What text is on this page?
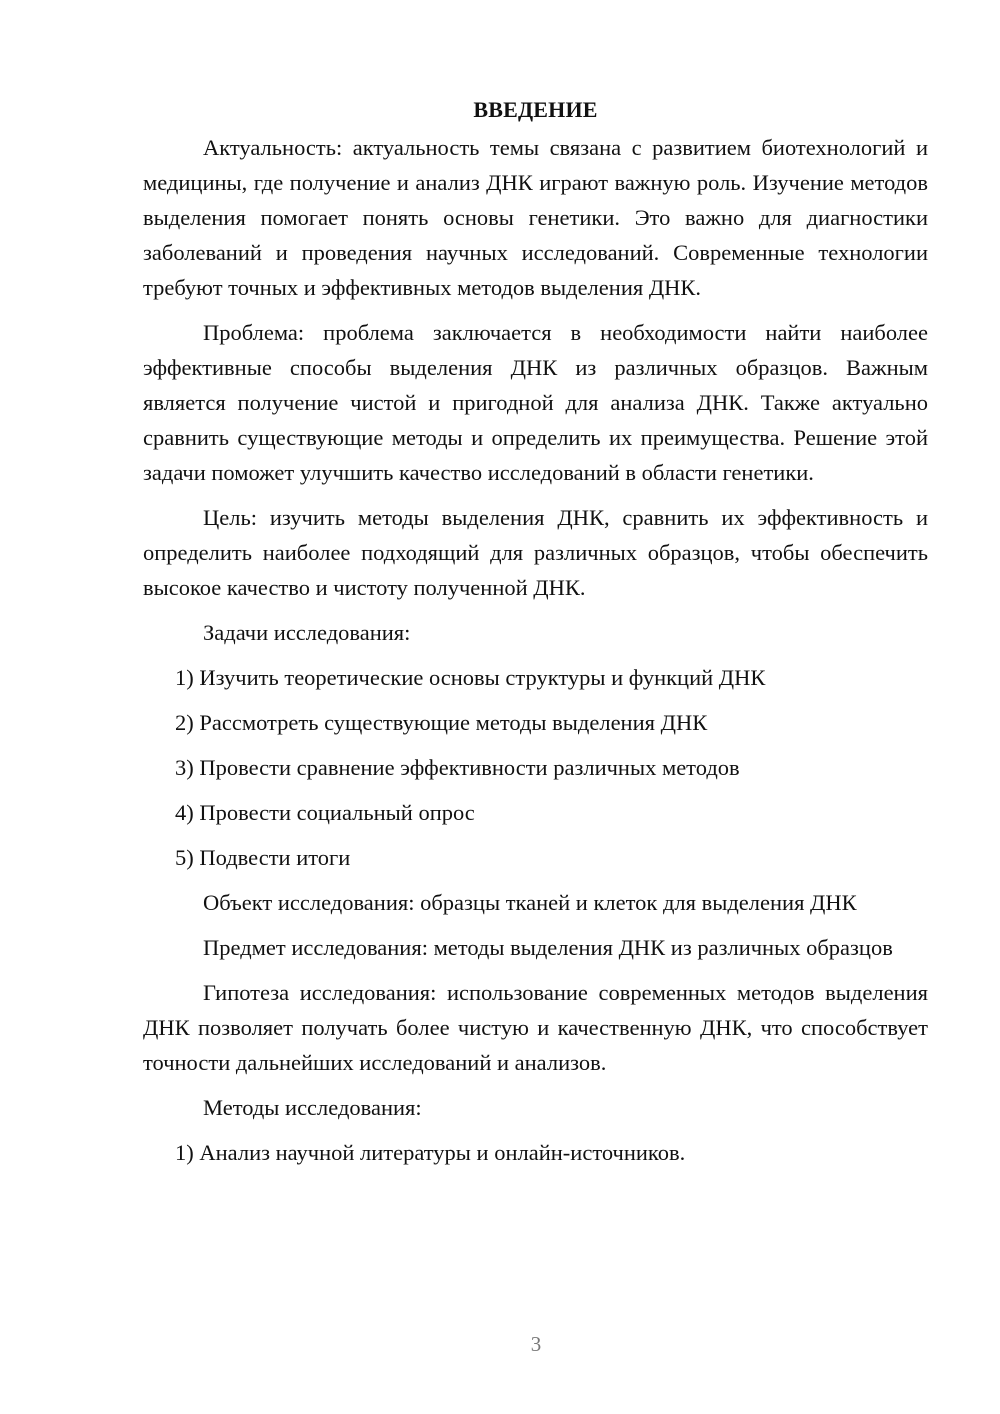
ВВЕДЕНИЕ

Актуальность: актуальность темы связана с развитием биотехнологий и медицины, где получение и анализ ДНК играют важную роль. Изучение методов выделения помогает понять основы генетики. Это важно для диагностики заболеваний и проведения научных исследований. Современные технологии требуют точных и эффективных методов выделения ДНК.

Проблема: проблема заключается в необходимости найти наиболее эффективные способы выделения ДНК из различных образцов. Важным является получение чистой и пригодной для анализа ДНК. Также актуально сравнить существующие методы и определить их преимущества. Решение этой задачи поможет улучшить качество исследований в области генетики.

Цель: изучить методы выделения ДНК, сравнить их эффективность и определить наиболее подходящий для различных образцов, чтобы обеспечить высокое качество и чистоту полученной ДНК.

Задачи исследования:
1) Изучить теоретические основы структуры и функций ДНК
2) Рассмотреть существующие методы выделения ДНК
3) Провести сравнение эффективности различных методов
4) Провести социальный опрос
5) Подвести итоги

Объект исследования: образцы тканей и клеток для выделения ДНК

Предмет исследования: методы выделения ДНК из различных образцов

Гипотеза исследования: использование современных методов выделения ДНК позволяет получать более чистую и качественную ДНК, что способствует точности дальнейших исследований и анализов.

Методы исследования:
1) Анализ научной литературы и онлайн-источников.
3
